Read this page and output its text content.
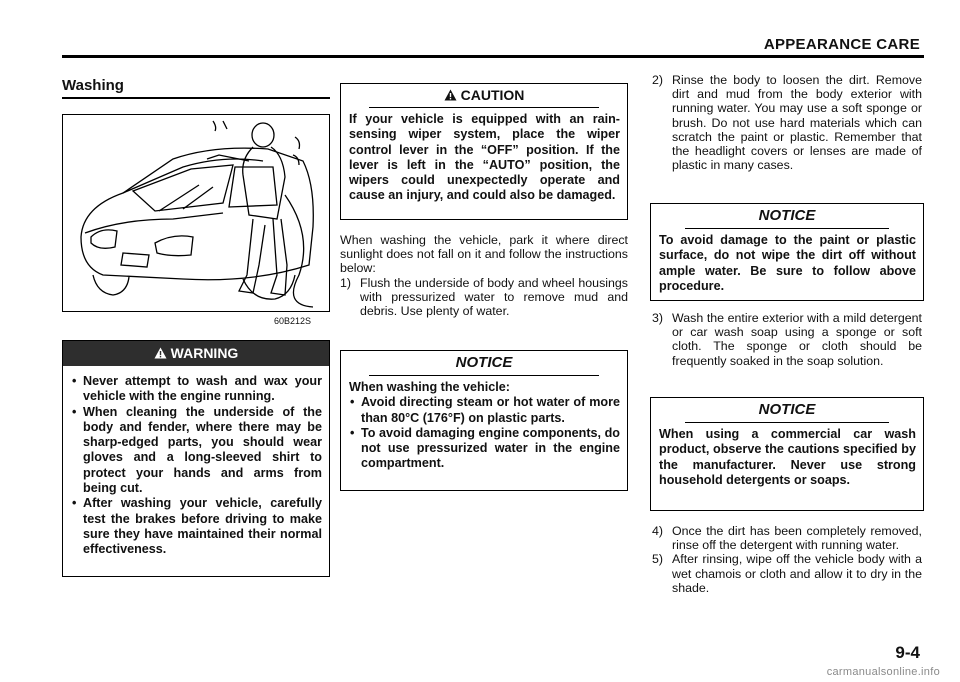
APPEARANCE CARE
Washing
60B212S
WARNING
• Never attempt to wash and wax your vehicle with the engine running.
• When cleaning the underside of the body and fender, where there may be sharp-edged parts, you should wear gloves and a long-sleeved shirt to protect your hands and arms from being cut.
• After washing your vehicle, carefully test the brakes before driving to make sure they have maintained their normal effectiveness.
CAUTION

If your vehicle is equipped with an rain-sensing wiper system, place the wiper control lever in the “OFF” position. If the lever is left in the “AUTO” position, the wipers could unexpectedly operate and cause an injury, and could also be damaged.

When washing the vehicle, park it where direct sunlight does not fall on it and follow the instructions below:

1) Flush the underside of body and wheel housings with pressurized water to remove mud and debris. Use plenty of water.

NOTICE

When washing the vehicle:

• Avoid directing steam or hot water of more than 80°C (176°F) on plastic parts.
• To avoid damaging engine components, do not use pressurized water in the engine compartment.
2) Rinse the body to loosen the dirt. Remove dirt and mud from the body exterior with running water. You may use a soft sponge or brush. Do not use hard materials which can scratch the paint or plastic. Remember that the headlight covers or lenses are made of plastic in many cases.

NOTICE

To avoid damage to the paint or plastic surface, do not wipe the dirt off without ample water. Be sure to follow above procedure.

3) Wash the entire exterior with a mild detergent or car wash soap using a sponge or soft cloth. The sponge or cloth should be frequently soaked in the soap solution.

NOTICE

When using a commercial car wash product, observe the cautions specified by the manufacturer. Never use strong household detergents or soaps.

4) Once the dirt has been completely removed, rinse off the detergent with running water.

5) After rinsing, wipe off the vehicle body with a wet chamois or cloth and allow it to dry in the shade.

9-4
carmanualsonline.info
